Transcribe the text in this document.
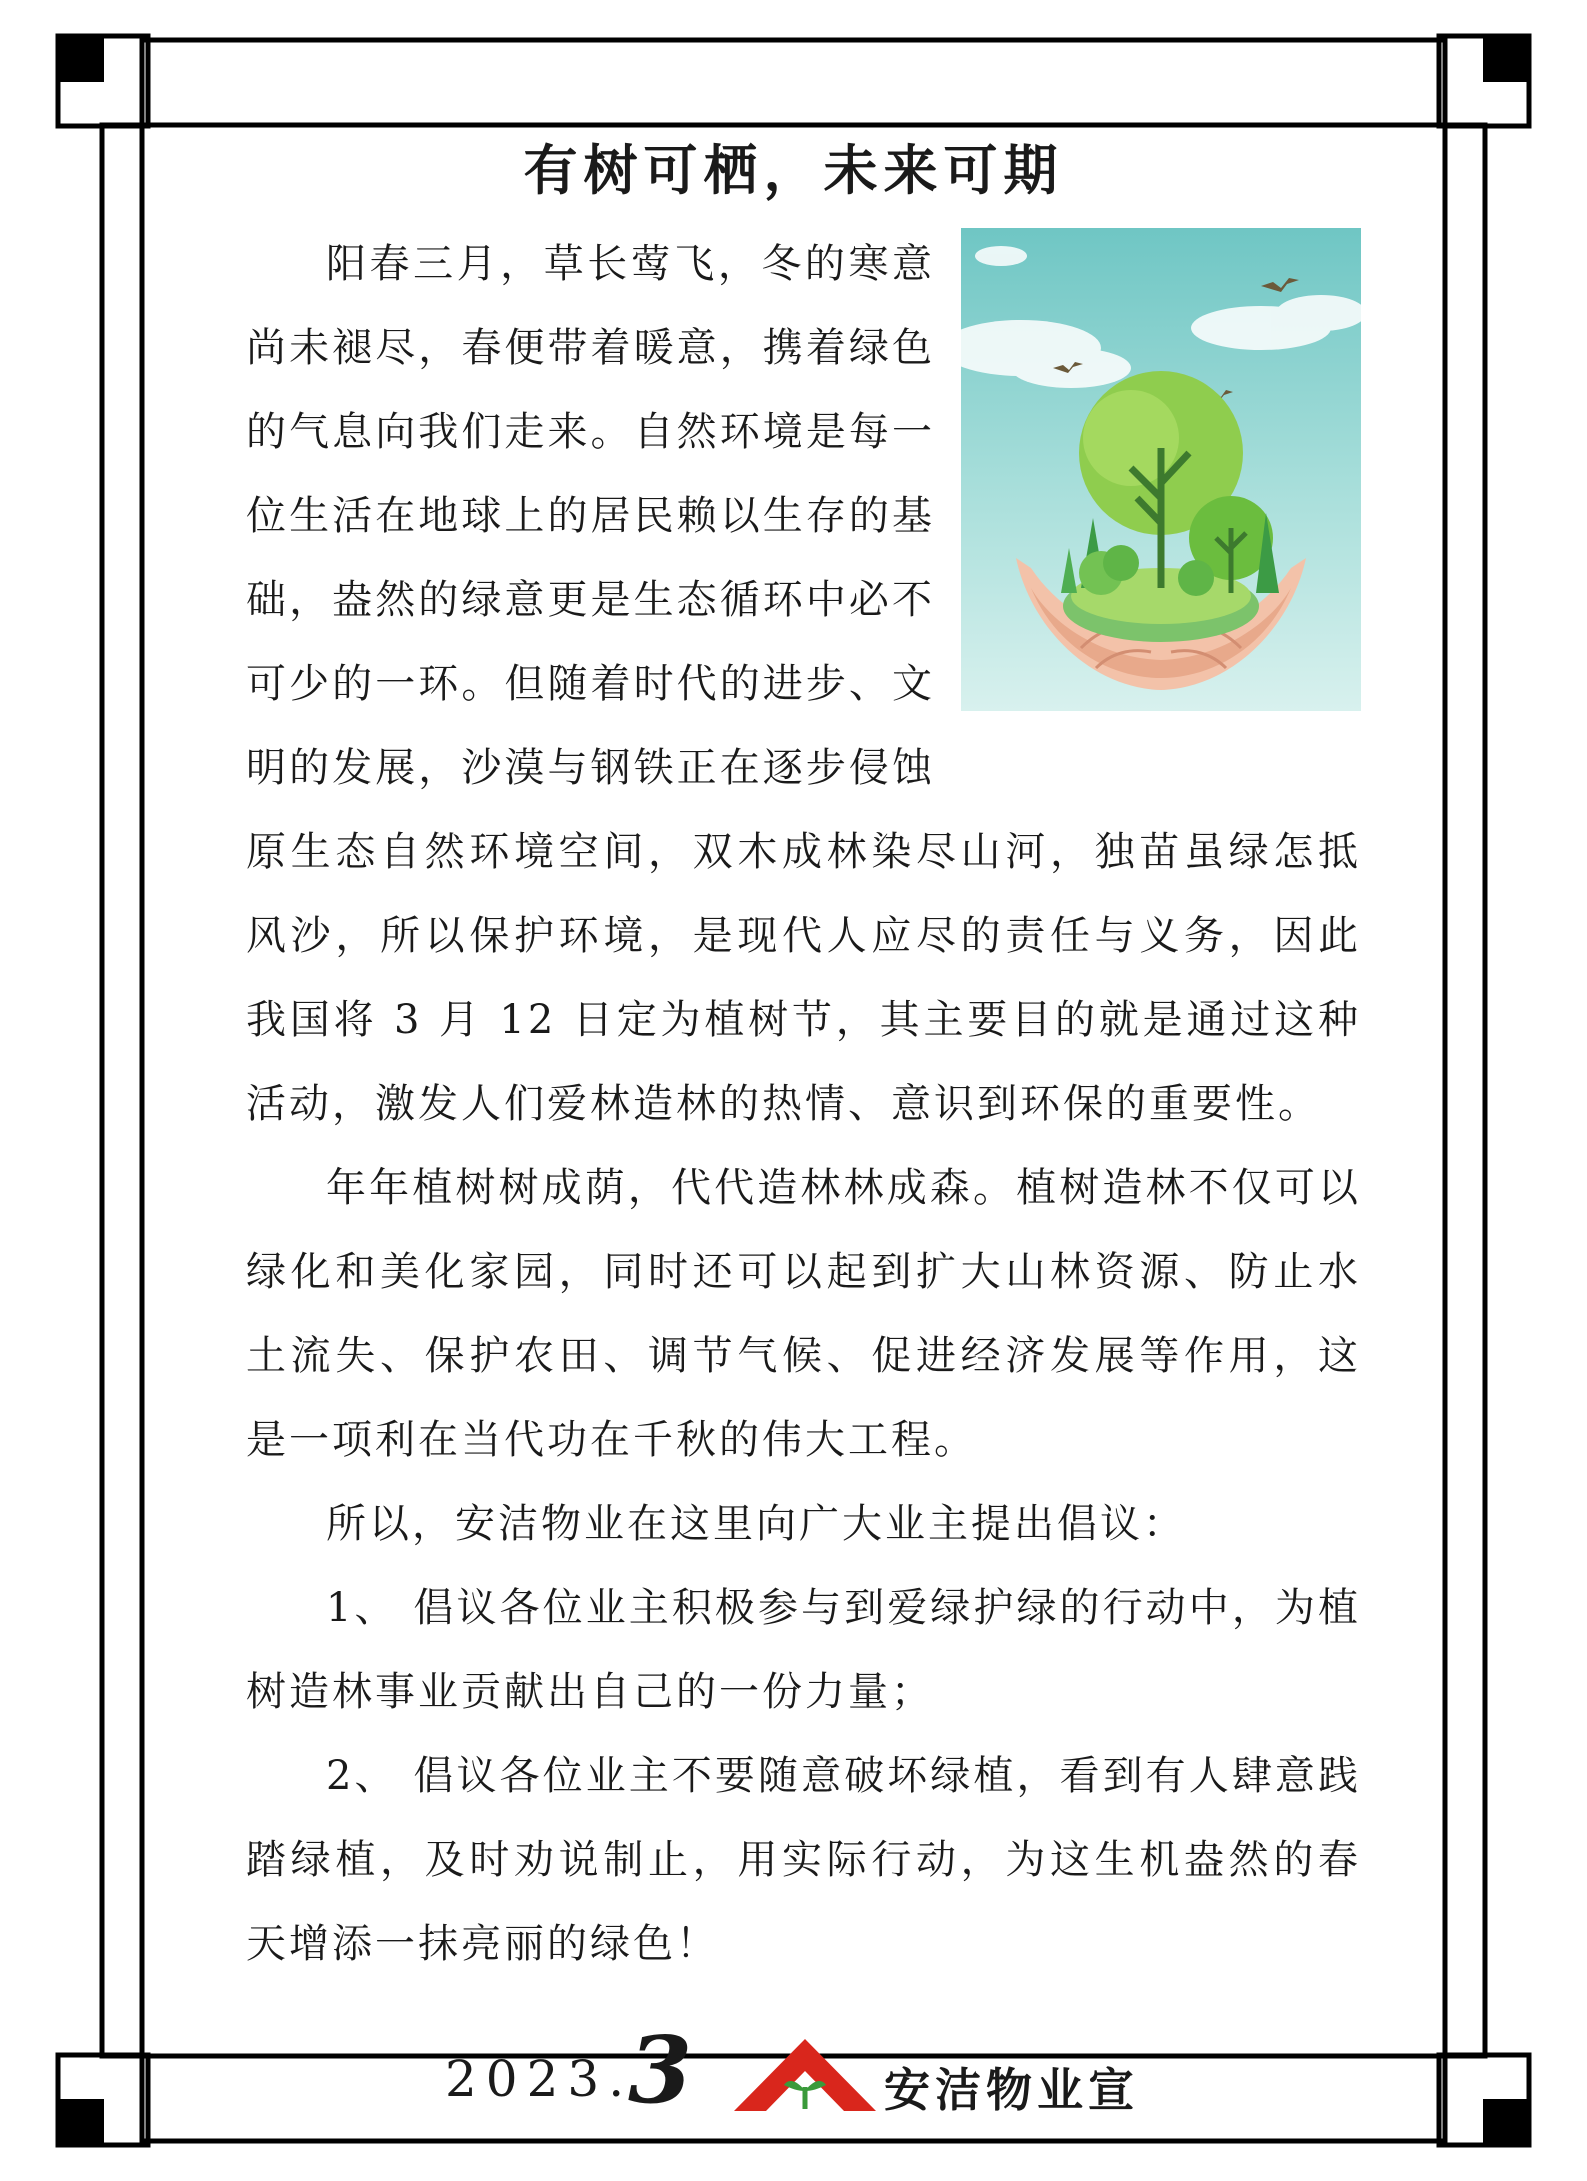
有树可栖，未来可期

阳春三月，草长莺飞，冬的寒意尚未褪尽，春便带着暖意，携着绿色的气息向我们走来。自然环境是每一位生活在地球上的居民赖以生存的基础，盎然的绿意更是生态循环中必不可少的一环。但随着时代的进步、文明的发展，沙漠与钢铁正在逐步侵蚀原生态自然环境空间，双木成林染尽山河，独苗虽绿怎抵风沙，所以保护环境，是现代人应尽的责任与义务，因此我国将 3 月 12 日定为植树节，其主要目的就是通过这种活动，激发人们爱林造林的热情、意识到环保的重要性。

年年植树树成荫，代代造林林成森。植树造林不仅可以绿化和美化家园，同时还可以起到扩大山林资源、防止水土流失、保护农田、调节气候、促进经济发展等作用，这是一项利在当代功在千秋的伟大工程。

所以，安洁物业在这里向广大业主提出倡议：

1、 倡议各位业主积极参与到爱绿护绿的行动中，为植树造林事业贡献出自己的一份力量；

2、 倡议各位业主不要随意破坏绿植，看到有人肆意践踏绿植，及时劝说制止，用实际行动，为这生机盎然的春天增添一抹亮丽的绿色！

2023.
3	安洁物业宣
